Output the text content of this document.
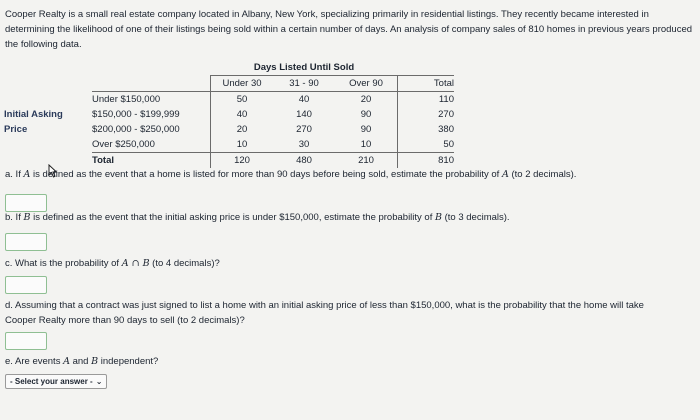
Cooper Realty is a small real estate company located in Albany, New York, specializing primarily in residential listings. They recently became interested in determining the likelihood of one of their listings being sold within a certain number of days. An analysis of company sales of 810 homes in previous years produced the following data.
		Days Listed Until Sold			
		Under 30	31 - 90	Over 90	Total
	Under $150,000	50	40	20	110
Initial Asking	$150,000 - $199,999	40	140	90	270
Price	$200,000 - $250,000	20	270	90	380
	Over $250,000	10	30	10	50
	Total	120	480	210	810
a. If A is defined as the event that a home is listed for more than 90 days before being sold, estimate the probability of A (to 2 decimals).
b. If B is defined as the event that the initial asking price is under $150,000, estimate the probability of B (to 3 decimals).
c. What is the probability of A ∩ B (to 4 decimals)?
d. Assuming that a contract was just signed to list a home with an initial asking price of less than $150,000, what is the probability that the home will take
Cooper Realty more than 90 days to sell (to 2 decimals)?
e. Are events A and B independent?
- Select your answer - ⌄
